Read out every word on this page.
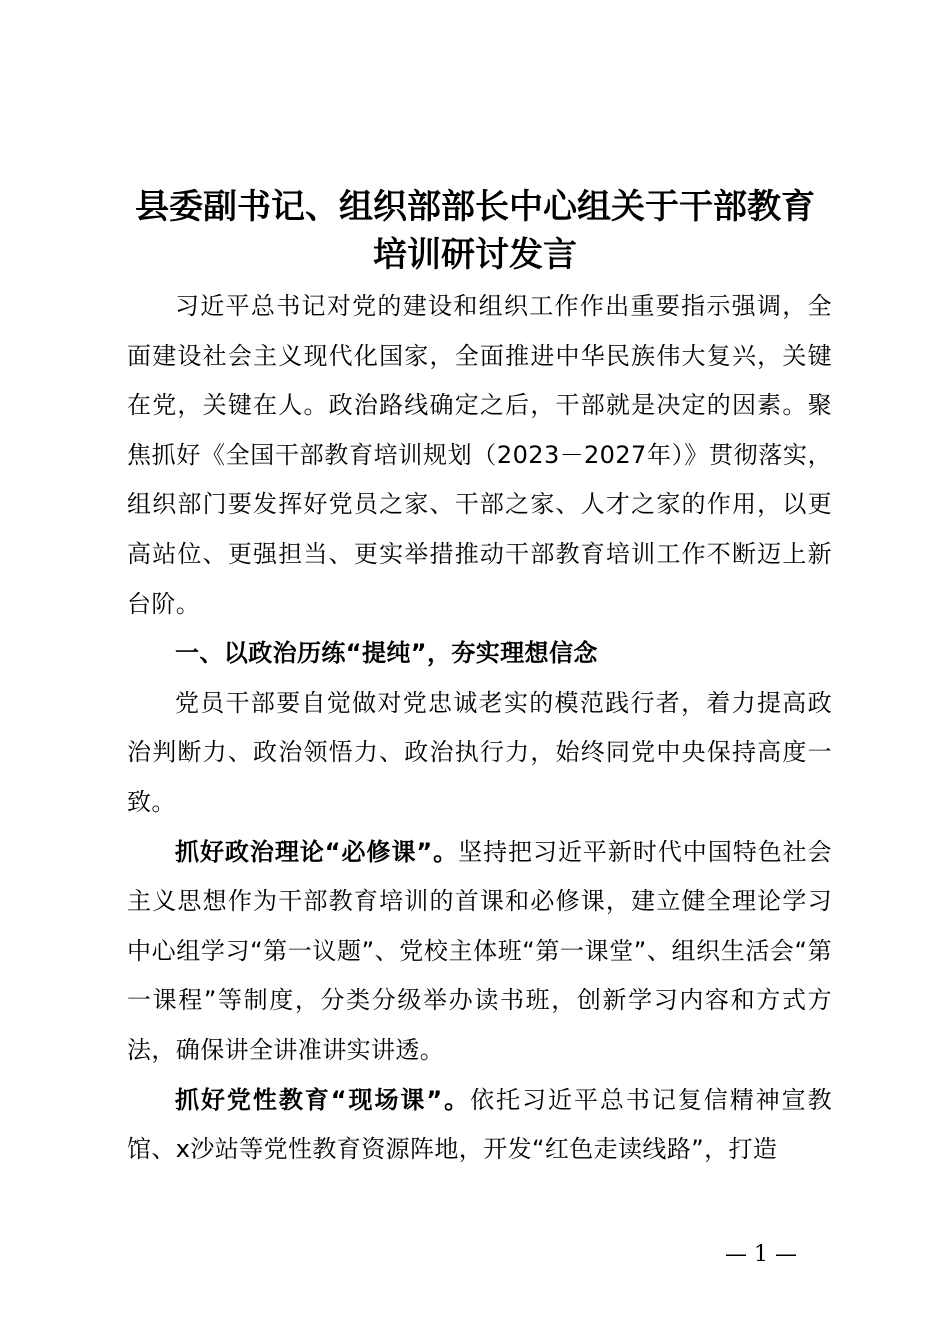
县委副书记、组织部部长中心组关于干部教育
培训研讨发言

习近平总书记对党的建设和组织工作作出重要指示强调，全面建设社会主义现代化国家，全面推进中华民族伟大复兴，关键在党，关键在人。政治路线确定之后，干部就是决定的因素。聚焦抓好《全国干部教育培训规划（2023－2027年）》贯彻落实，组织部门要发挥好党员之家、干部之家、人才之家的作用，以更高站位、更强担当、更实举措推动干部教育培训工作不断迈上新台阶。

一、以政治历练“提纯”，夯实理想信念

党员干部要自觉做对党忠诚老实的模范践行者，着力提高政治判断力、政治领悟力、政治执行力，始终同党中央保持高度一致。

抓好政治理论“必修课”。坚持把习近平新时代中国特色社会主义思想作为干部教育培训的首课和必修课，建立健全理论学习中心组学习“第一议题”、党校主体班“第一课堂”、组织生活会“第一课程”等制度，分类分级举办读书班，创新学习内容和方式方法，确保讲全讲准讲实讲透。

抓好党性教育“现场课”。依托习近平总书记复信精神宣教馆、x沙站等党性教育资源阵地，开发“红色走读线路”，打造

— 1 —
